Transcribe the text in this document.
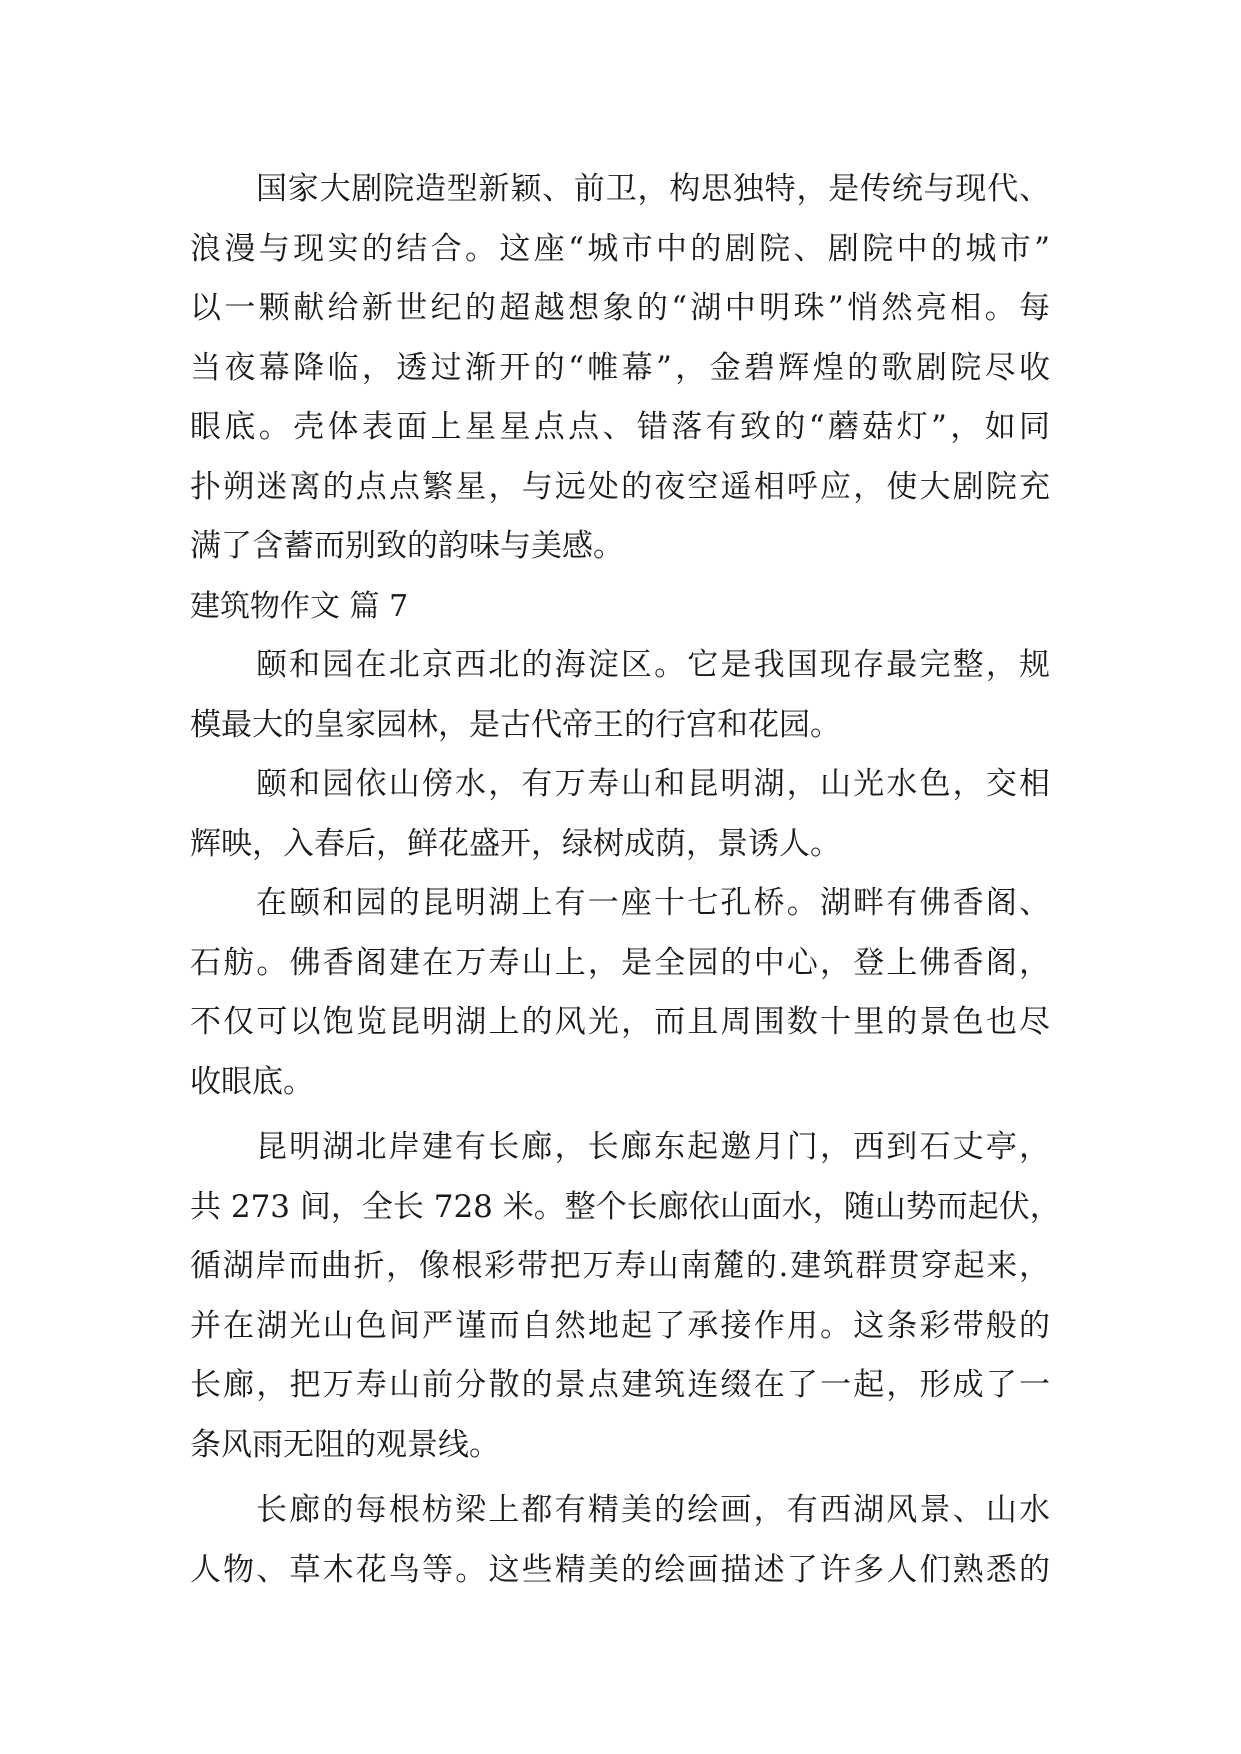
国家大剧院造型新颖、前卫，构思独特，是传统与现代、
浪漫与现实的结合。这座“城市中的剧院、剧院中的城市”
以一颗献给新世纪的超越想象的“湖中明珠”悄然亮相。每
当夜幕降临，透过渐开的“帷幕”，金碧辉煌的歌剧院尽收
眼底。壳体表面上星星点点、错落有致的“蘑菇灯”，如同
扑朔迷离的点点繁星，与远处的夜空遥相呼应，使大剧院充
满了含蓄而别致的韵味与美感。
建筑物作文 篇 7
颐和园在北京西北的海淀区。它是我国现存最完整，规
模最大的皇家园林，是古代帝王的行宫和花园。
颐和园依山傍水，有万寿山和昆明湖，山光水色，交相
辉映，入春后，鲜花盛开，绿树成荫，景诱人。
在颐和园的昆明湖上有一座十七孔桥。湖畔有佛香阁、
石舫。佛香阁建在万寿山上，是全园的中心，登上佛香阁，
不仅可以饱览昆明湖上的风光，而且周围数十里的景色也尽
收眼底。
昆明湖北岸建有长廊，长廊东起邀月门，西到石丈亭，
共 273 间，全长 728 米。整个长廊依山面水，随山势而起伏，
循湖岸而曲折，像根彩带把万寿山南麓的.建筑群贯穿起来，
并在湖光山色间严谨而自然地起了承接作用。这条彩带般的
长廊，把万寿山前分散的景点建筑连缀在了一起，形成了一
条风雨无阻的观景线。
长廊的每根枋梁上都有精美的绘画，有西湖风景、山水
人物、草木花鸟等。这些精美的绘画描述了许多人们熟悉的
